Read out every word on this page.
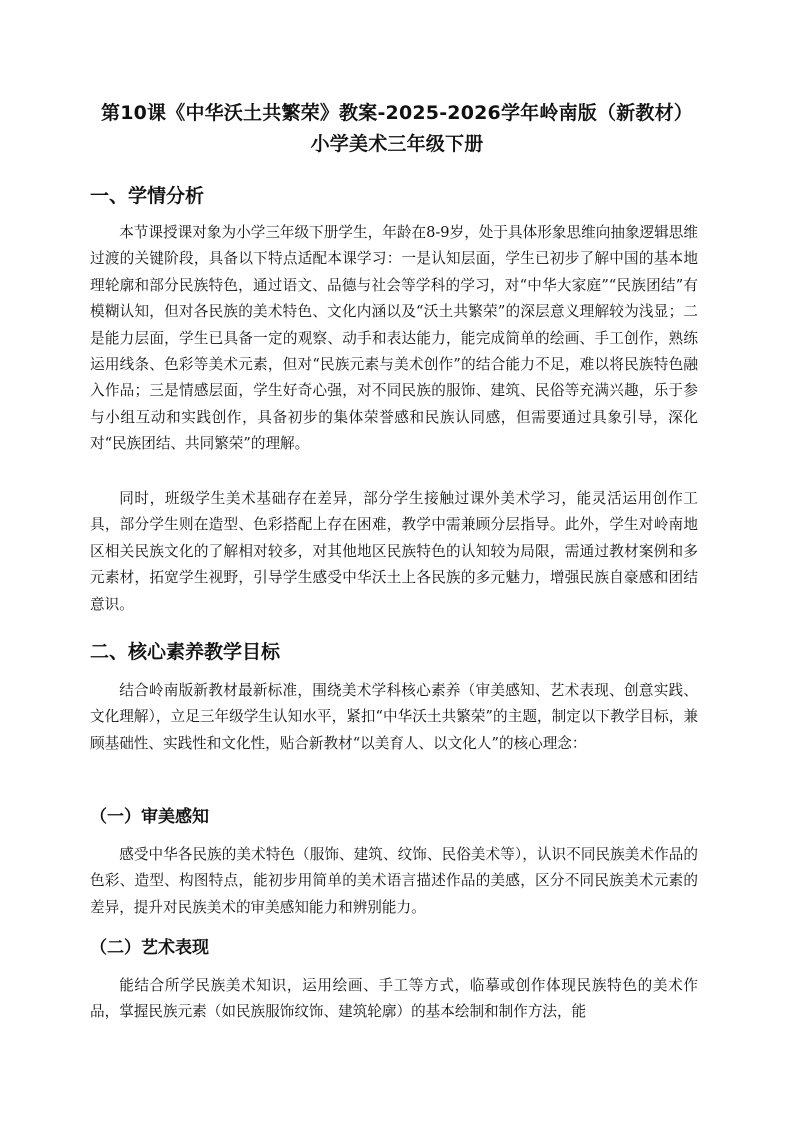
第10课《中华沃土共繁荣》教案-2025-2026学年岭南版（新教材） 小学美术三年级下册
一、学情分析

本节课授课对象为小学三年级下册学生，年龄在8-9岁，处于具体形象思维向抽象逻辑思维过渡的关键阶段，具备以下特点适配本课学习：一是认知层面，学生已初步了解中国的基本地理轮廓和部分民族特色，通过语文、品德与社会等学科的学习，对“中华大家庭”“民族团结”有模糊认知，但对各民族的美术特色、文化内涵以及“沃土共繁荣”的深层意义理解较为浅显；二是能力层面，学生已具备一定的观察、动手和表达能力，能完成简单的绘画、手工创作，熟练运用线条、色彩等美术元素，但对“民族元素与美术创作”的结合能力不足，难以将民族特色融入作品；三是情感层面，学生好奇心强，对不同民族的服饰、建筑、民俗等充满兴趣，乐于参与小组互动和实践创作，具备初步的集体荣誉感和民族认同感，但需要通过具象引导，深化对“民族团结、共同繁荣”的理解。

同时，班级学生美术基础存在差异，部分学生接触过课外美术学习，能灵活运用创作工具，部分学生则在造型、色彩搭配上存在困难，教学中需兼顾分层指导。此外，学生对岭南地区相关民族文化的了解相对较多，对其他地区民族特色的认知较为局限，需通过教材案例和多元素材，拓宽学生视野，引导学生感受中华沃土上各民族的多元魅力，增强民族自豪感和团结意识。

二、核心素养教学目标

结合岭南版新教材最新标准，围绕美术学科核心素养（审美感知、艺术表现、创意实践、文化理解），立足三年级学生认知水平，紧扣“中华沃土共繁荣”的主题，制定以下教学目标，兼顾基础性、实践性和文化性，贴合新教材“以美育人、以文化人”的核心理念：

（一）审美感知

感受中华各民族的美术特色（服饰、建筑、纹饰、民俗美术等），认识不同民族美术作品的色彩、造型、构图特点，能初步用简单的美术语言描述作品的美感，区分不同民族美术元素的差异，提升对民族美术的审美感知能力和辨别能力。

（二）艺术表现

能结合所学民族美术知识，运用绘画、手工等方式，临摹或创作体现民族特色的美术作品，掌握民族元素（如民族服饰纹饰、建筑轮廓）的基本绘制和制作方法，能
